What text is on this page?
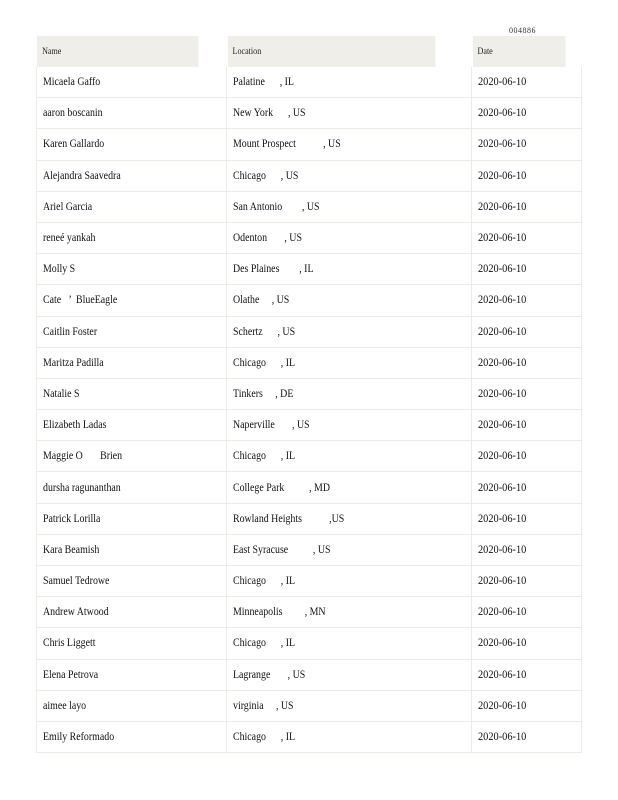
004886
Name	Location	Date
Micaela Gaffo	Palatine      , IL	2020-06-10
aaron boscanin	New York      , US	2020-06-10
Karen Gallardo	Mount Prospect           , US	2020-06-10
Alejandra Saavedra	Chicago      , US	2020-06-10
Ariel Garcia	San Antonio        , US	2020-06-10
reneé yankah	Odenton       , US	2020-06-10
Molly S	Des Plaines        , IL	2020-06-10
Cate   ’  BlueEagle	Olathe     , US	2020-06-10
Caitlin Foster	Schertz      , US	2020-06-10
Maritza Padilla	Chicago      , IL	2020-06-10
Natalie S	Tinkers     , DE	2020-06-10
Elizabeth Ladas	Naperville       , US	2020-06-10
Maggie O       Brien	Chicago      , IL	2020-06-10
dursha ragunanthan	College Park          , MD	2020-06-10
Patrick Lorilla	Rowland Heights           ,US	2020-06-10
Kara Beamish	East Syracuse          , US	2020-06-10
Samuel Tedrowe	Chicago      , IL	2020-06-10
Andrew Atwood	Minneapolis         , MN	2020-06-10
Chris Liggett	Chicago      , IL	2020-06-10
Elena Petrova	Lagrange       , US	2020-06-10
aimee layo	virginia     , US	2020-06-10
Emily Reformado	Chicago      , IL	2020-06-10
